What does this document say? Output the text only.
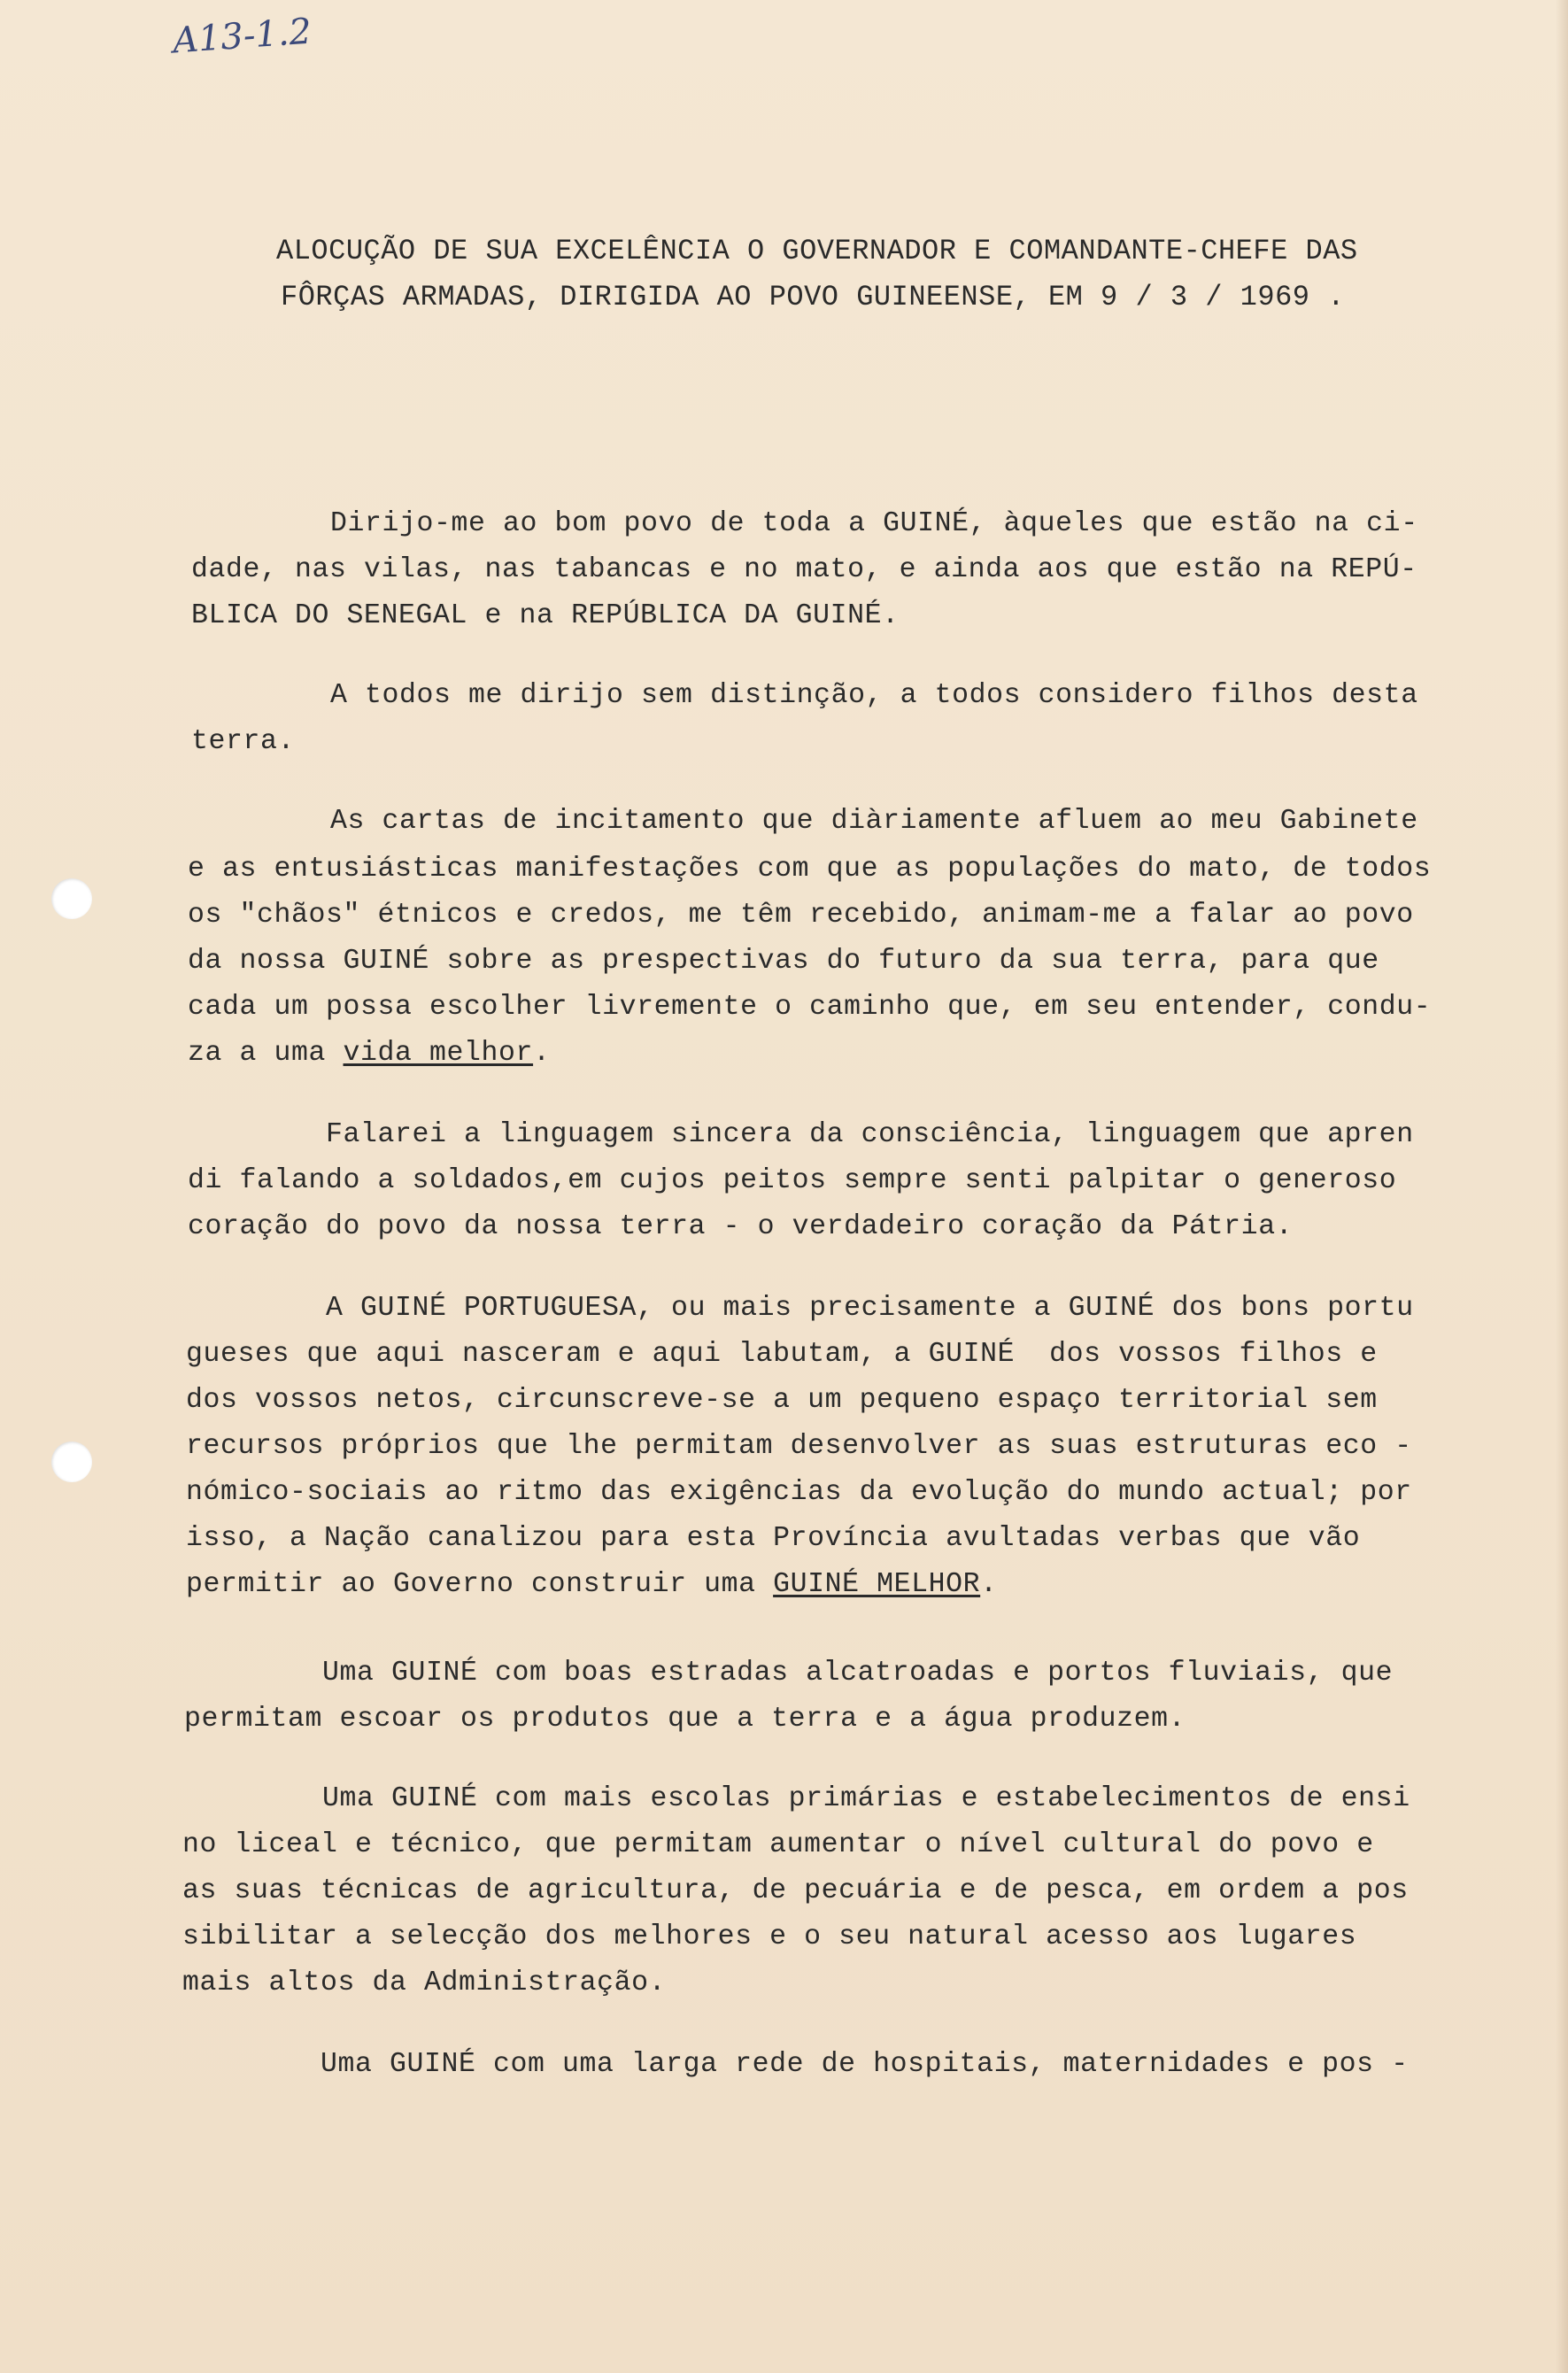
A13-1.2
ALOCUÇÃO DE SUA EXCELÊNCIA O GOVERNADOR E COMANDANTE-CHEFE DAS
FÔRÇAS ARMADAS, DIRIGIDA AO POVO GUINEENSE, EM 9 / 3 / 1969 .
Dirijo-me ao bom povo de toda a GUINÉ, àqueles que estão na ci-
dade, nas vilas, nas tabancas e no mato, e ainda aos que estão na REPÚ-
BLICA DO SENEGAL e na REPÚBLICA DA GUINÉ.
A todos me dirijo sem distinção, a todos considero filhos desta
terra.
As cartas de incitamento que diàriamente afluem ao meu Gabinete
e as entusiásticas manifestações com que as populações do mato, de todos
os "chãos" étnicos e credos, me têm recebido, animam-me a falar ao povo
da nossa GUINÉ sobre as prespectivas do futuro da sua terra, para que
cada um possa escolher livremente o caminho que, em seu entender, condu-
za a uma vida melhor.
Falarei a linguagem sincera da consciência, linguagem que apren
di falando a soldados,em cujos peitos sempre senti palpitar o generoso
coração do povo da nossa terra - o verdadeiro coração da Pátria.
A GUINÉ PORTUGUESA, ou mais precisamente a GUINÉ dos bons portu
gueses que aqui nasceram e aqui labutam, a GUINÉ  dos vossos filhos e
dos vossos netos, circunscreve-se a um pequeno espaço territorial sem
recursos próprios que lhe permitam desenvolver as suas estruturas eco -
nómico-sociais ao ritmo das exigências da evolução do mundo actual; por
isso, a Nação canalizou para esta Província avultadas verbas que vão
permitir ao Governo construir uma GUINÉ MELHOR.
Uma GUINÉ com boas estradas alcatroadas e portos fluviais, que
permitam escoar os produtos que a terra e a água produzem.
Uma GUINÉ com mais escolas primárias e estabelecimentos de ensi
no liceal e técnico, que permitam aumentar o nível cultural do povo e
as suas técnicas de agricultura, de pecuária e de pesca, em ordem a pos
sibilitar a selecção dos melhores e o seu natural acesso aos lugares
mais altos da Administração.
Uma GUINÉ com uma larga rede de hospitais, maternidades e pos -
